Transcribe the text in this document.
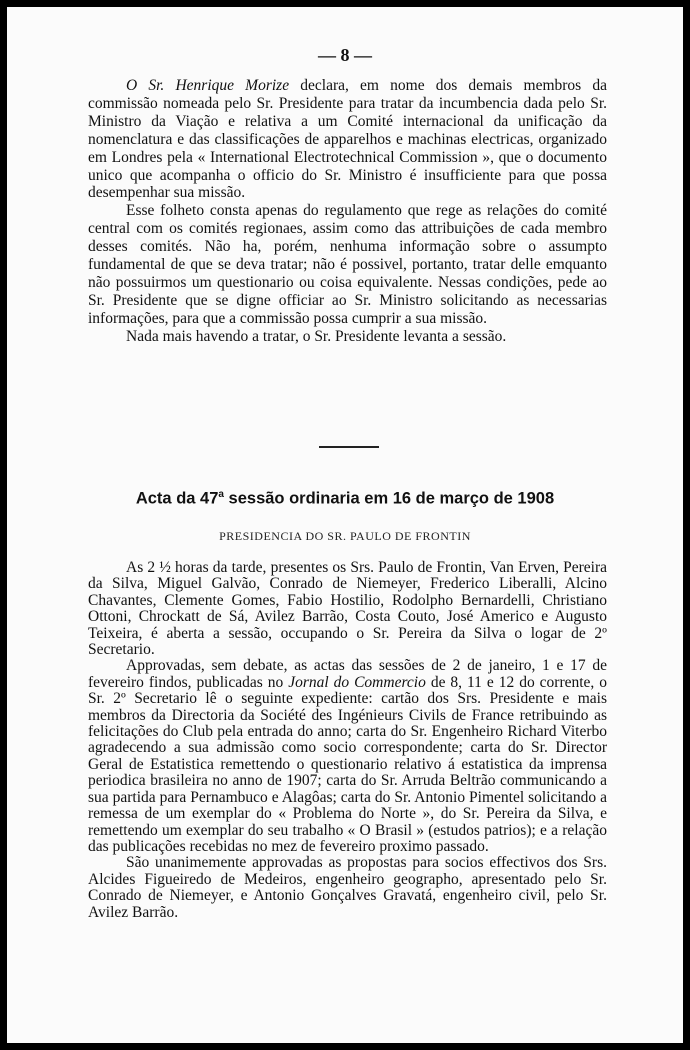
— 8 —

O Sr. Henrique Morize declara, em nome dos demais membros da commissão nomeada pelo Sr. Presidente para tratar da incumbencia dada pelo Sr. Ministro da Viação e relativa a um Comité internacional da unificação da nomenclatura e das classificações de apparelhos e machinas electricas, organizado em Londres pela « International Electrotechnical Commission », que o documento unico que acompanha o officio do Sr. Ministro é insufficiente para que possa desempenhar sua missão.

Esse folheto consta apenas do regulamento que rege as relações do comité central com os comités regionaes, assim como das attribuições de cada membro desses comités. Não ha, porém, nenhuma informação sobre o assumpto fundamental de que se deva tratar; não é possivel, portanto, tratar delle emquanto não possuirmos um questionario ou coisa equivalente. Nessas condições, pede ao Sr. Presidente que se digne officiar ao Sr. Ministro solicitando as necessarias informações, para que a commissão possa cumprir a sua missão.

Nada mais havendo a tratar, o Sr. Presidente levanta a sessão.

Acta da 47$^a$ sessão ordinaria em 16 de março de 1908
PRESIDENCIA DO SR. PAULO DE FRONTIN

As 2 ½ horas da tarde, presentes os Srs. Paulo de Frontin, Van Erven, Pereira da Silva, Miguel Galvão, Conrado de Niemeyer, Frederico Liberalli, Alcino Chavantes, Clemente Gomes, Fabio Hostilio, Rodolpho Bernardelli, Christiano Ottoni, Chrockatt de Sá, Avilez Barrão, Costa Couto, José Americo e Augusto Teixeira, é aberta a sessão, occupando o Sr. Pereira da Silva o logar de 2º Secretario.

Approvadas, sem debate, as actas das sessões de 2 de janeiro, 1 e 17 de fevereiro findos, publicadas no Jornal do Commercio de 8, 11 e 12 do corrente, o Sr. 2º Secretario lê o seguinte expediente: cartão dos Srs. Presidente e mais membros da Directoria da Société des Ingénieurs Civils de France retribuindo as felicitações do Club pela entrada do anno; carta do Sr. Engenheiro Richard Viterbo agradecendo a sua admissão como socio correspondente; carta do Sr. Director Geral de Estatistica remettendo o questionario relativo á estatistica da imprensa periodica brasileira no anno de 1907; carta do Sr. Arruda Beltrão communicando a sua partida para Pernambuco e Alagôas; carta do Sr. Antonio Pimentel solicitando a remessa de um exemplar do « Problema do Norte », do Sr. Pereira da Silva, e remettendo um exemplar do seu trabalho « O Brasil » (estudos patrios); e a relação das publicações recebidas no mez de fevereiro proximo passado.

São unanimemente approvadas as propostas para socios effectivos dos Srs. Alcides Figueiredo de Medeiros, engenheiro geographo, apresentado pelo Sr. Conrado de Niemeyer, e Antonio Gonçalves Gravatá, engenheiro civil, pelo Sr. Avilez Barrão.
